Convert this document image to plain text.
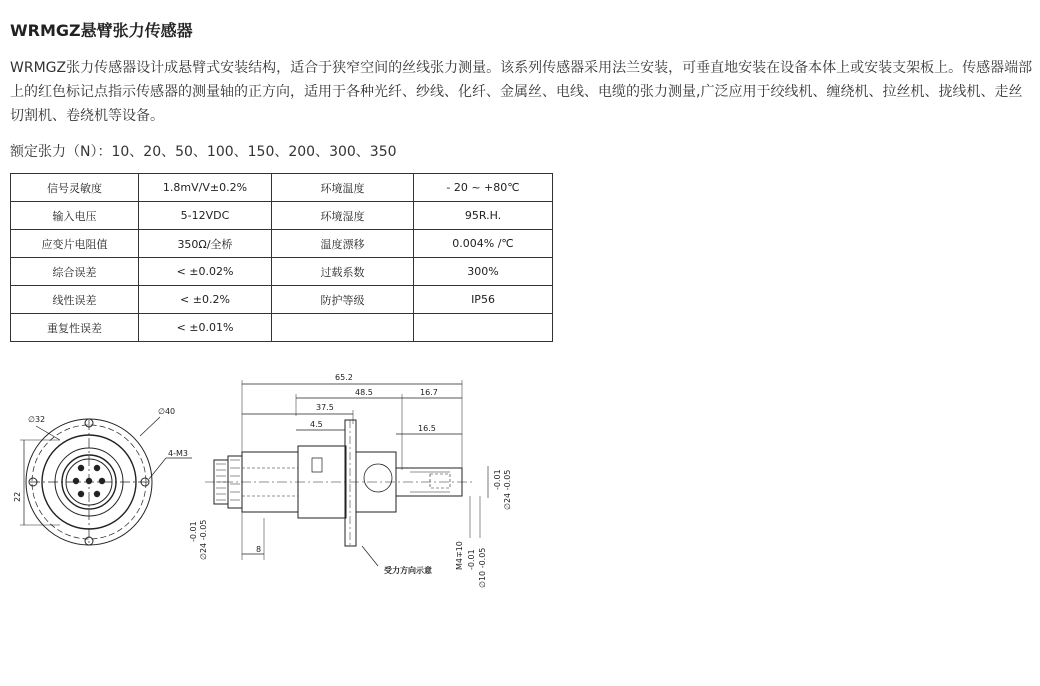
WRMGZ悬臂张力传感器
WRMGZ张力传感器设计成悬臂式安装结构，适合于狭窄空间的丝线张力测量。该系列传感器采用法兰安装，可垂直地安装在设备本体上或安装支架板上。传感器端部上的红色标记点指示传感器的测量轴的正方向，适用于各种光纤、纱线、化纤、金属丝、电线、电缆的张力测量,广泛应用于绞线机、缠绕机、拉丝机、拢线机、走丝切割机、卷绕机等设备。
额定张力（N）：10、20、50、100、150、200、300、350
信号灵敏度	1.8mV/V±0.2%	环境温度	- 20 ~ +80℃
输入电压	5-12VDC	环境湿度	95R.H.
应变片电阻值	350Ω/全桥	温度漂移	0.004% /℃
综合误差	< ±0.02%	过载系数	300%
线性误差	< ±0.2%	防护等级	IP56
重复性误差	< ±0.01%		
∅32
∅40
4-M3
22
-0.01 ∅24 -0.05
65.2
48.5	16.7
37.5
4.5	16.5
8
-0.01 ∅24 -0.05
M4∓10 -0.01 ∅10 -0.05
受力方向示意
